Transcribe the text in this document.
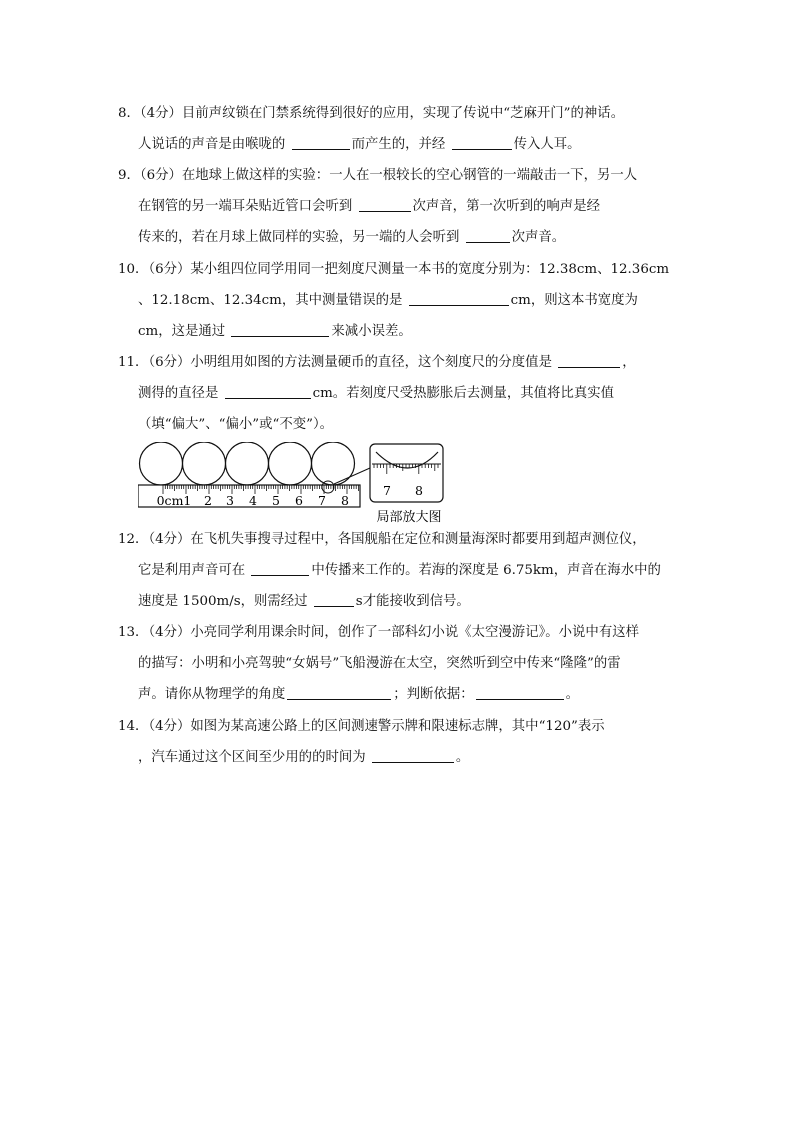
8．（4分）目前声纹锁在门禁系统得到很好的应用，实现了传说中“芝麻开门”的神话。
人说话的声音是由喉咙的	而产生的，并经	传入人耳。
9．（6分）在地球上做这样的实验：一人在一根较长的空心钢管的一端敲击一下，另一人
在钢管的另一端耳朵贴近管口会听到	次声音，第一次听到的响声是经
传来的，若在月球上做同样的实验，另一端的人会听到	次声音。
10．（6分）某小组四位同学用同一把刻度尺测量一本书的宽度分别为：12.38cm、12.36cm
、12.18cm、12.34cm，其中测量错误的是	cm，则这本书宽度为
cm，这是通过	来减小误差。
11．（6分）小明组用如图的方法测量硬币的直径，这个刻度尺的分度值是	，
测得的直径是	cm。若刻度尺受热膨胀后去测量，其值将比真实值
（填“偏大”、“偏小”或“不变”）。
0cm1 2 3 4 5 6 7 8
7 8
局部放大图
12．（4分）在飞机失事搜寻过程中，各国舰船在定位和测量海深时都要用到超声测位仪，
它是利用声音可在	中传播来工作的。若海的深度是 6.75km，声音在海水中的
速度是 1500m/s，则需经过	s才能接收到信号。
13．（4分）小亮同学利用课余时间，创作了一部科幻小说《太空漫游记》。小说中有这样
的描写：小明和小亮驾驶“女娲号”飞船漫游在太空，突然听到空中传来“隆隆”的雷
声。请你从物理学的角度	；判断依据：	。
14．（4分）如图为某高速公路上的区间测速警示牌和限速标志牌，其中“120”表示
，汽车通过这个区间至少用的的时间为	。
